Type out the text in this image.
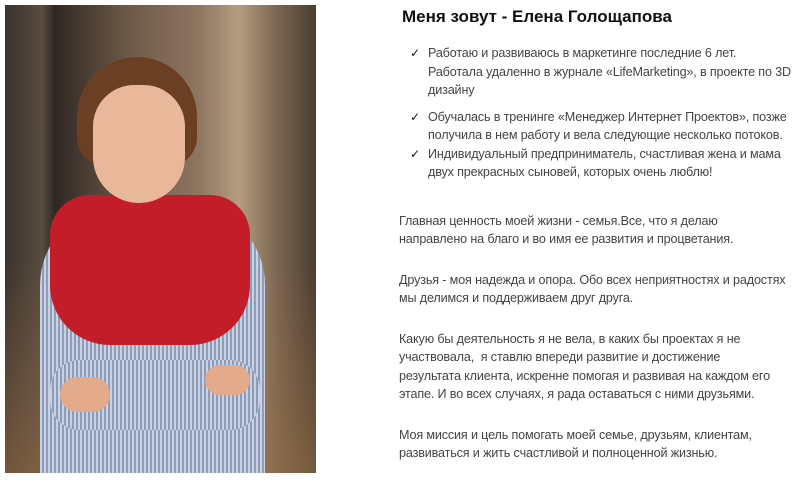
Меня зовут - Елена Голощапова
✓ Работаю и развиваюсь в маркетинге последние 6 лет.
Работала удаленно в журнале «LifeMarketing», в проекте по 3D
дизайну
✓ Обучалась в тренинге «Менеджер Интернет Проектов», позже
получила в нем работу и вела следующие несколько потоков.
✓ Индивидуальный предприниматель, счастливая жена и мама
двух прекрасных сыновей, которых очень люблю!

Главная ценность моей жизни - семья.Все, что я делаю
направлено на благо и во имя ее развития и процветания.

Друзья - моя надежда и опора. Обо всех неприятностях и радостях
мы делимся и поддерживаем друг друга.

Какую бы деятельность я не вела, в каких бы проектах я не
участвовала,  я ставлю впереди развитие и достижение
результата клиента, искренне помогая и развивая на каждом его
этапе. И во всех случаях, я рада оставаться с ними друзьями.

Моя миссия и цель помогать моей семье, друзьям, клиентам,
развиваться и жить счастливой и полноценной жизнью.
